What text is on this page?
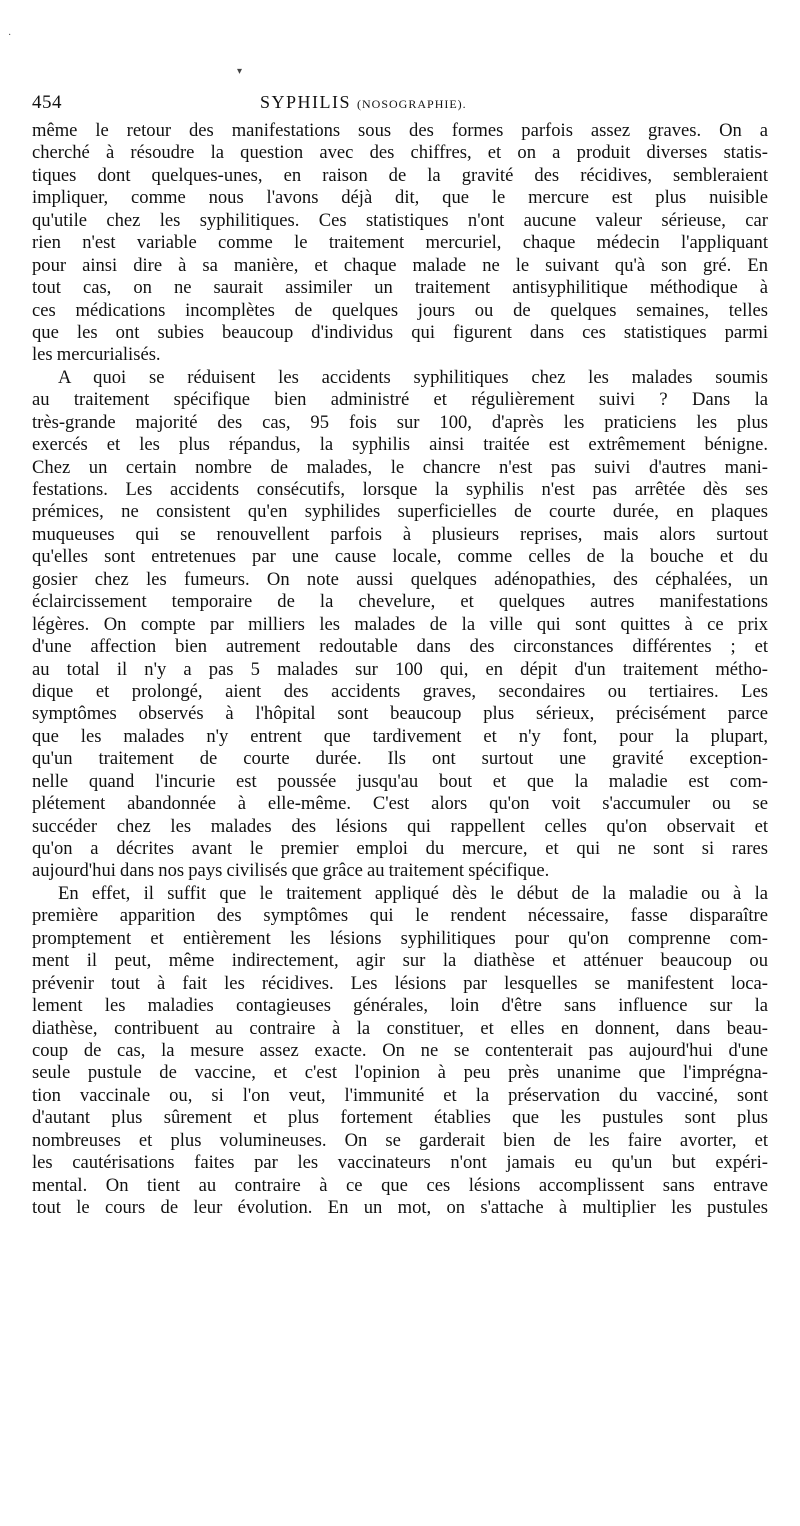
454	SYPHILIS (NOSOGRAPHIE).
même le retour des manifestations sous des formes parfois assez graves. On a
cherché à résoudre la question avec des chiffres, et on a produit diverses statis-
tiques dont quelques-unes, en raison de la gravité des récidives, sembleraient
impliquer, comme nous l'avons déjà dit, que le mercure est plus nuisible
qu'utile chez les syphilitiques. Ces statistiques n'ont aucune valeur sérieuse, car
rien n'est variable comme le traitement mercuriel, chaque médecin l'appliquant
pour ainsi dire à sa manière, et chaque malade ne le suivant qu'à son gré. En
tout cas, on ne saurait assimiler un traitement antisyphilitique méthodique à
ces médications incomplètes de quelques jours ou de quelques semaines, telles
que les ont subies beaucoup d'individus qui figurent dans ces statistiques parmi
les mercurialisés.
A quoi se réduisent les accidents syphilitiques chez les malades soumis
au traitement spécifique bien administré et régulièrement suivi ? Dans la
très-grande majorité des cas, 95 fois sur 100, d'après les praticiens les plus
exercés et les plus répandus, la syphilis ainsi traitée est extrêmement bénigne.
Chez un certain nombre de malades, le chancre n'est pas suivi d'autres mani-
festations. Les accidents consécutifs, lorsque la syphilis n'est pas arrêtée dès ses
prémices, ne consistent qu'en syphilides superficielles de courte durée, en plaques
muqueuses qui se renouvellent parfois à plusieurs reprises, mais alors surtout
qu'elles sont entretenues par une cause locale, comme celles de la bouche et du
gosier chez les fumeurs. On note aussi quelques adénopathies, des céphalées, un
éclaircissement temporaire de la chevelure, et quelques autres manifestations
légères. On compte par milliers les malades de la ville qui sont quittes à ce prix
d'une affection bien autrement redoutable dans des circonstances différentes ; et
au total il n'y a pas 5 malades sur 100 qui, en dépit d'un traitement métho-
dique et prolongé, aient des accidents graves, secondaires ou tertiaires. Les
symptômes observés à l'hôpital sont beaucoup plus sérieux, précisément parce
que les malades n'y entrent que tardivement et n'y font, pour la plupart,
qu'un traitement de courte durée. Ils ont surtout une gravité exception-
nelle quand l'incurie est poussée jusqu'au bout et que la maladie est com-
plétement abandonnée à elle-même. C'est alors qu'on voit s'accumuler ou se
succéder chez les malades des lésions qui rappellent celles qu'on observait et
qu'on a décrites avant le premier emploi du mercure, et qui ne sont si rares
aujourd'hui dans nos pays civilisés que grâce au traitement spécifique.
En effet, il suffit que le traitement appliqué dès le début de la maladie ou à la
première apparition des symptômes qui le rendent nécessaire, fasse disparaître
promptement et entièrement les lésions syphilitiques pour qu'on comprenne com-
ment il peut, même indirectement, agir sur la diathèse et atténuer beaucoup ou
prévenir tout à fait les récidives. Les lésions par lesquelles se manifestent loca-
lement les maladies contagieuses générales, loin d'être sans influence sur la
diathèse, contribuent au contraire à la constituer, et elles en donnent, dans beau-
coup de cas, la mesure assez exacte. On ne se contenterait pas aujourd'hui d'une
seule pustule de vaccine, et c'est l'opinion à peu près unanime que l'imprégna-
tion vaccinale ou, si l'on veut, l'immunité et la préservation du vacciné, sont
d'autant plus sûrement et plus fortement établies que les pustules sont plus
nombreuses et plus volumineuses. On se garderait bien de les faire avorter, et
les cautérisations faites par les vaccinateurs n'ont jamais eu qu'un but expéri-
mental. On tient au contraire à ce que ces lésions accomplissent sans entrave
tout le cours de leur évolution. En un mot, on s'attache à multiplier les pustules
·
▾
